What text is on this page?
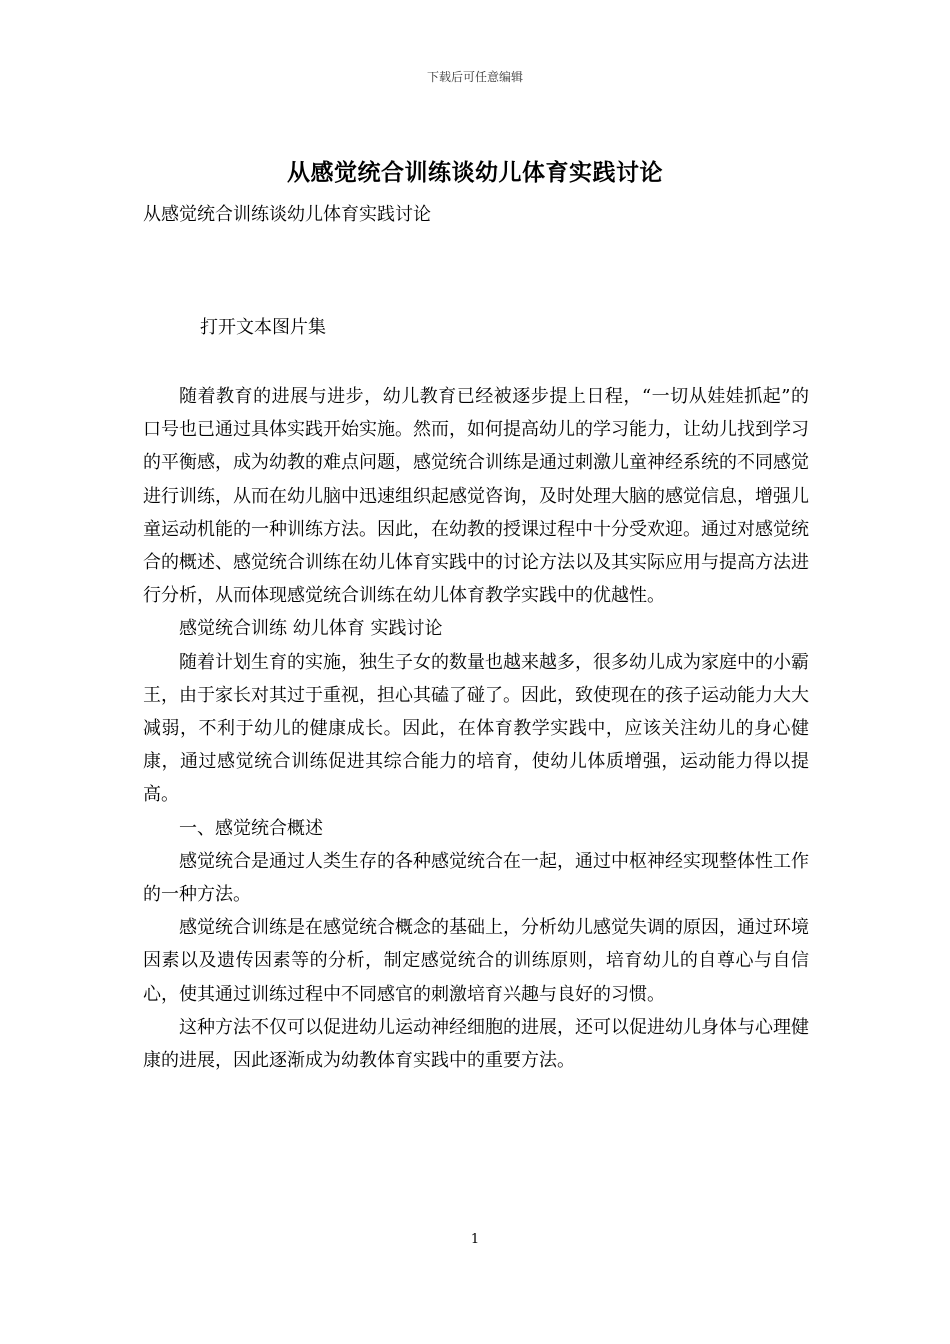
下载后可任意编辑
从感觉统合训练谈幼儿体育实践讨论
从感觉统合训练谈幼儿体育实践讨论
打开文本图片集

随着教育的进展与进步，幼儿教育已经被逐步提上日程，“一切从娃娃抓起”的口号也已通过具体实践开始实施。然而，如何提高幼儿的学习能力，让幼儿找到学习的平衡感，成为幼教的难点问题，感觉统合训练是通过刺激儿童神经系统的不同感觉进行训练，从而在幼儿脑中迅速组织起感觉咨询，及时处理大脑的感觉信息，增强儿童运动机能的一种训练方法。因此，在幼教的授课过程中十分受欢迎。通过对感觉统合的概述、感觉统合训练在幼儿体育实践中的讨论方法以及其实际应用与提高方法进行分析，从而体现感觉统合训练在幼儿体育教学实践中的优越性。

感觉统合训练 幼儿体育 实践讨论

随着计划生育的实施，独生子女的数量也越来越多，很多幼儿成为家庭中的小霸王，由于家长对其过于重视，担心其磕了碰了。因此，致使现在的孩子运动能力大大减弱，不利于幼儿的健康成长。因此，在体育教学实践中，应该关注幼儿的身心健康，通过感觉统合训练促进其综合能力的培育，使幼儿体质增强，运动能力得以提高。

一、感觉统合概述

感觉统合是通过人类生存的各种感觉统合在一起，通过中枢神经实现整体性工作的一种方法。

感觉统合训练是在感觉统合概念的基础上，分析幼儿感觉失调的原因，通过环境因素以及遗传因素等的分析，制定感觉统合的训练原则，培育幼儿的自尊心与自信心，使其通过训练过程中不同感官的刺激培育兴趣与良好的习惯。

这种方法不仅可以促进幼儿运动神经细胞的进展，还可以促进幼儿身体与心理健康的进展，因此逐渐成为幼教体育实践中的重要方法。

1
